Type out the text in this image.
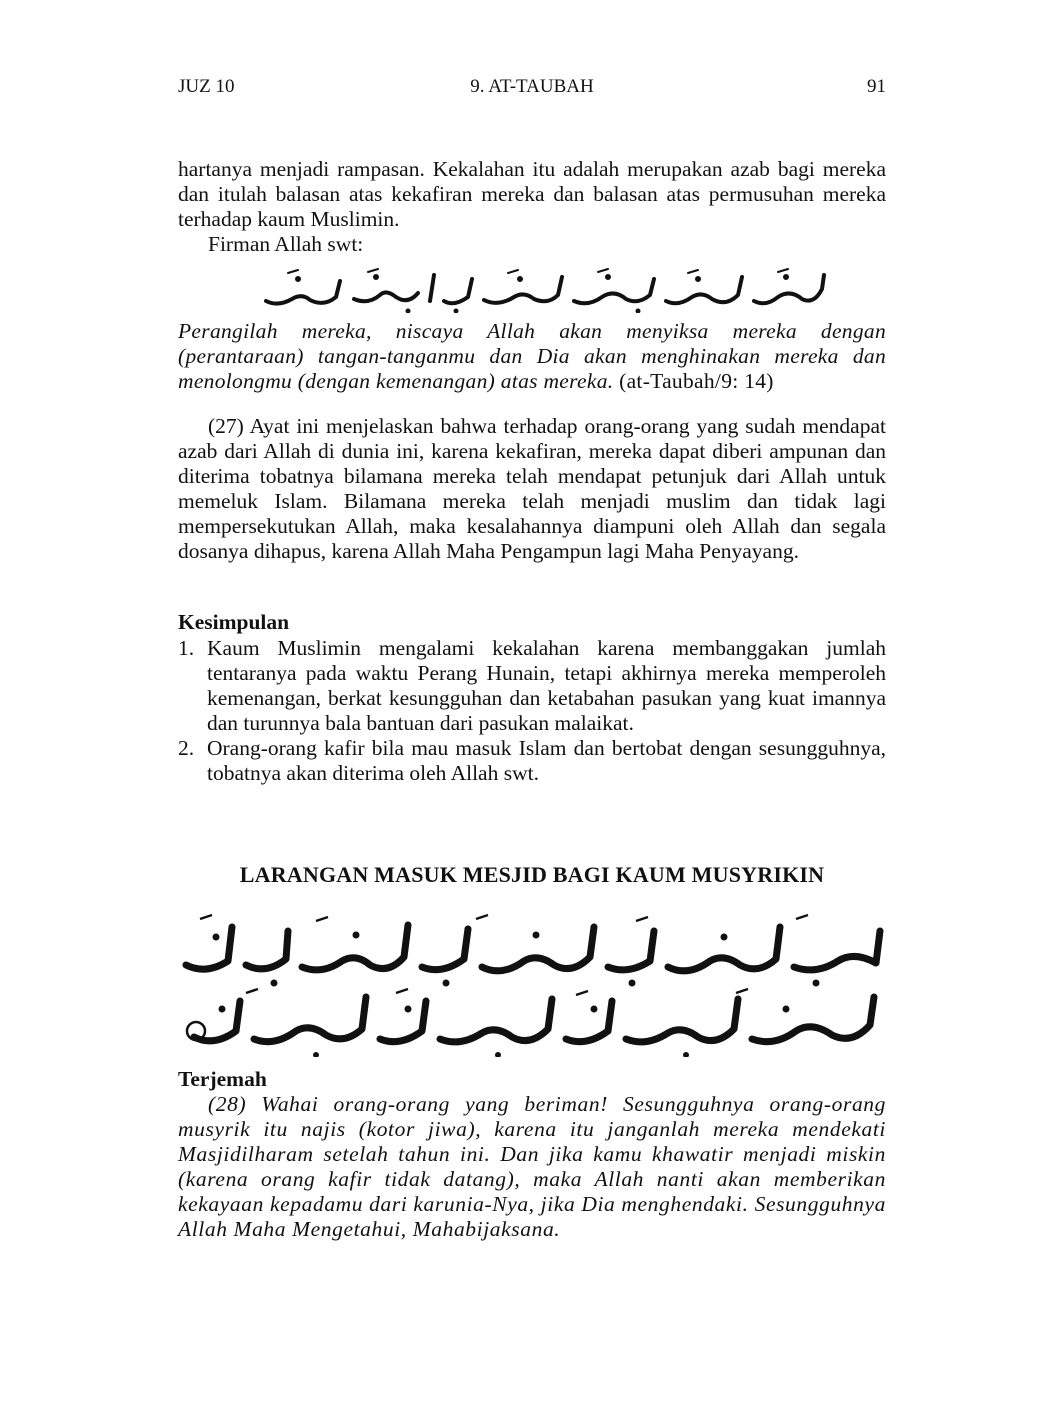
JUZ 10	9. AT-TAUBAH	91

hartanya menjadi rampasan. Kekalahan itu adalah merupakan azab bagi mereka dan itulah balasan atas kekafiran mereka dan balasan atas permusuhan mereka terhadap kaum Muslimin.

Firman Allah swt:

Perangilah mereka, niscaya Allah akan menyiksa mereka dengan (perantaraan) tangan-tanganmu dan Dia akan menghinakan mereka dan menolongmu (dengan kemenangan) atas mereka. (at-Taubah/9: 14)

(27) Ayat ini menjelaskan bahwa terhadap orang-orang yang sudah mendapat azab dari Allah di dunia ini, karena kekafiran, mereka dapat diberi ampunan dan diterima tobatnya bilamana mereka telah mendapat petunjuk dari Allah untuk memeluk Islam. Bilamana mereka telah menjadi muslim dan tidak lagi mempersekutukan Allah, maka kesalahannya diampuni oleh Allah dan segala dosanya dihapus, karena Allah Maha Pengampun lagi Maha Penyayang.

Kesimpulan

1. Kaum Muslimin mengalami kekalahan karena membanggakan jumlah tentaranya pada waktu Perang Hunain, tetapi akhirnya mereka memperoleh kemenangan, berkat kesungguhan dan ketabahan pasukan yang kuat imannya dan turunnya bala bantuan dari pasukan malaikat.

2. Orang-orang kafir bila mau masuk Islam dan bertobat dengan sesungguhnya, tobatnya akan diterima oleh Allah swt.

LARANGAN MASUK MESJID BAGI KAUM MUSYRIKIN
Terjemah

(28) Wahai orang-orang yang beriman! Sesungguhnya orang-orang musyrik itu najis (kotor jiwa), karena itu janganlah mereka mendekati Masjidilharam setelah tahun ini. Dan jika kamu khawatir menjadi miskin (karena orang kafir tidak datang), maka Allah nanti akan memberikan kekayaan kepadamu dari karunia-Nya, jika Dia menghendaki. Sesungguhnya Allah Maha Mengetahui, Mahabijaksana.
